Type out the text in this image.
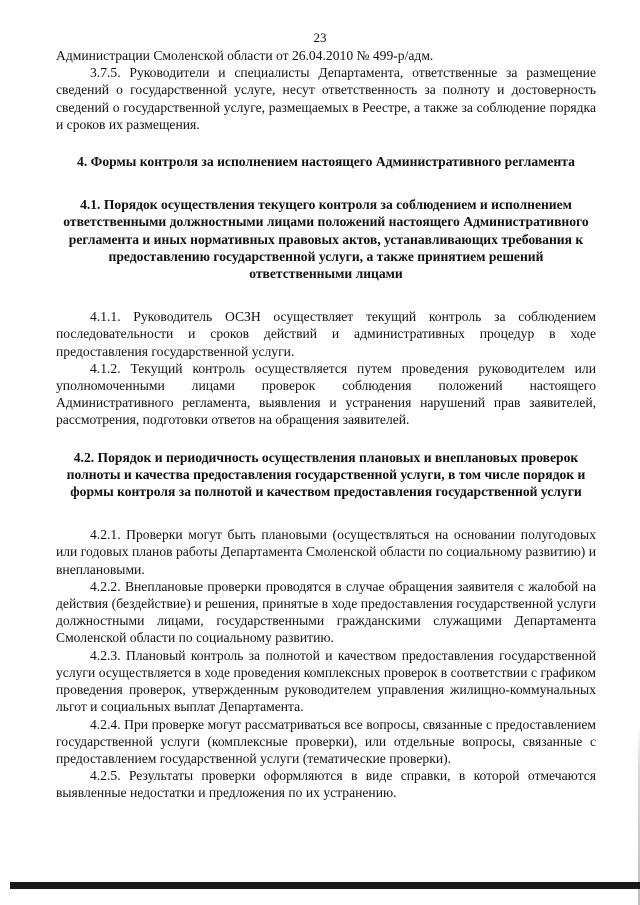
23

Администрации Смоленской области от 26.04.2010 № 499-р/адм.

3.7.5. Руководители и специалисты Департамента, ответственные за размещение сведений о государственной услуге, несут ответственность за полноту и достоверность сведений о государственной услуге, размещаемых в Реестре, а также за соблюдение порядка и сроков их размещения.

4. Формы контроля за исполнением настоящего Административного регламента

4.1. Порядок осуществления текущего контроля за соблюдением и исполнением ответственными должностными лицами положений настоящего Административного регламента и иных нормативных правовых актов, устанавливающих требования к предоставлению государственной услуги, а также принятием решений ответственными лицами

4.1.1. Руководитель ОСЗН осуществляет текущий контроль за соблюдением последовательности и сроков действий и административных процедур в ходе предоставления государственной услуги.

4.1.2. Текущий контроль осуществляется путем проведения руководителем или уполномоченными лицами проверок соблюдения положений настоящего Административного регламента, выявления и устранения нарушений прав заявителей, рассмотрения, подготовки ответов на обращения заявителей.

4.2. Порядок и периодичность осуществления плановых и внеплановых проверок полноты и качества предоставления государственной услуги, в том числе порядок и формы контроля за полнотой и качеством предоставления государственной услуги

4.2.1. Проверки могут быть плановыми (осуществляться на основании полугодовых или годовых планов работы Департамента Смоленской области по социальному развитию) и внеплановыми.

4.2.2. Внеплановые проверки проводятся в случае обращения заявителя с жалобой на действия (бездействие) и решения, принятые в ходе предоставления государственной услуги должностными лицами, государственными гражданскими служащими Департамента Смоленской области по социальному развитию.

4.2.3. Плановый контроль за полнотой и качеством предоставления государственной услуги осуществляется в ходе проведения комплексных проверок в соответствии с графиком проведения проверок, утвержденным руководителем управления жилищно-коммунальных льгот и социальных выплат Департамента.

4.2.4. При проверке могут рассматриваться все вопросы, связанные с предоставлением государственной услуги (комплексные проверки), или отдельные вопросы, связанные с предоставлением государственной услуги (тематические проверки).

4.2.5. Результаты проверки оформляются в виде справки, в которой отмечаются выявленные недостатки и предложения по их устранению.
